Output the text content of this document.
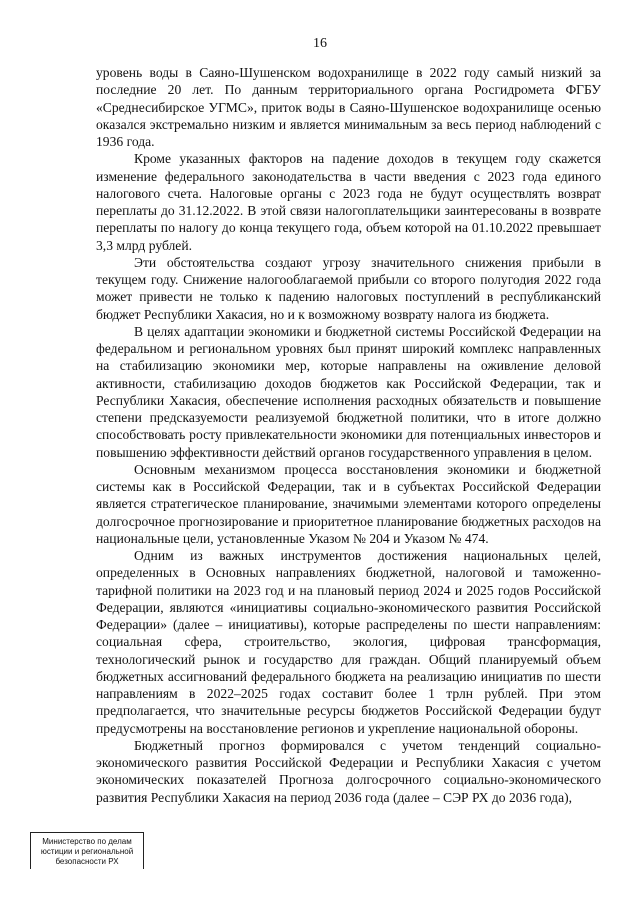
16

уровень воды в Саяно-Шушенском водохранилище в 2022 году самый низкий за последние 20 лет. По данным территориального органа Росгидромета ФГБУ «Среднесибирское УГМС», приток воды в Саяно-Шушенское водохранилище осенью оказался экстремально низким и является минимальным за весь период наблюдений с 1936 года.

Кроме указанных факторов на падение доходов в текущем году скажется изменение федерального законодательства в части введения с 2023 года единого налогового счета. Налоговые органы с 2023 года не будут осуществлять возврат переплаты до 31.12.2022. В этой связи налогоплательщики заинтересованы в возврате переплаты по налогу до конца текущего года, объем которой на 01.10.2022 превышает 3,3 млрд рублей.

Эти обстоятельства создают угрозу значительного снижения прибыли в текущем году. Снижение налогооблагаемой прибыли со второго полугодия 2022 года может привести не только к падению налоговых поступлений в республиканский бюджет Республики Хакасия, но и к возможному возврату налога из бюджета.

В целях адаптации экономики и бюджетной системы Российской Федерации на федеральном и региональном уровнях был принят широкий комплекс направленных на стабилизацию экономики мер, которые направлены на оживление деловой активности, стабилизацию доходов бюджетов как Российской Федерации, так и Республики Хакасия, обеспечение исполнения расходных обязательств и повышение степени предсказуемости реализуемой бюджетной политики, что в итоге должно способствовать росту привлекательности экономики для потенциальных инвесторов и повышению эффективности действий органов государственного управления в целом.

Основным механизмом процесса восстановления экономики и бюджетной системы как в Российской Федерации, так и в субъектах Российской Федерации является стратегическое планирование, значимыми элементами которого определены долгосрочное прогнозирование и приоритетное планирование бюджетных расходов на национальные цели, установленные Указом № 204 и Указом № 474.

Одним из важных инструментов достижения национальных целей, определенных в Основных направлениях бюджетной, налоговой и таможенно-тарифной политики на 2023 год и на плановый период 2024 и 2025 годов Российской Федерации, являются «инициативы социально-экономического развития Российской Федерации» (далее – инициативы), которые распределены по шести направлениям: социальная сфера, строительство, экология, цифровая трансформация, технологический рынок и государство для граждан. Общий планируемый объем бюджетных ассигнований федерального бюджета на реализацию инициатив по шести направлениям в 2022–2025 годах составит более 1 трлн рублей. При этом предполагается, что значительные ресурсы бюджетов Российской Федерации будут предусмотрены на восстановление регионов и укрепление национальной обороны.

Бюджетный прогноз формировался с учетом тенденций социально-экономического развития Российской Федерации и Республики Хакасия с учетом экономических показателей Прогноза долгосрочного социально-экономического развития Республики Хакасия на период 2036 года (далее – СЭР РХ до 2036 года),

Министерство по делам
юстиции и региональной
безопасности РХ
